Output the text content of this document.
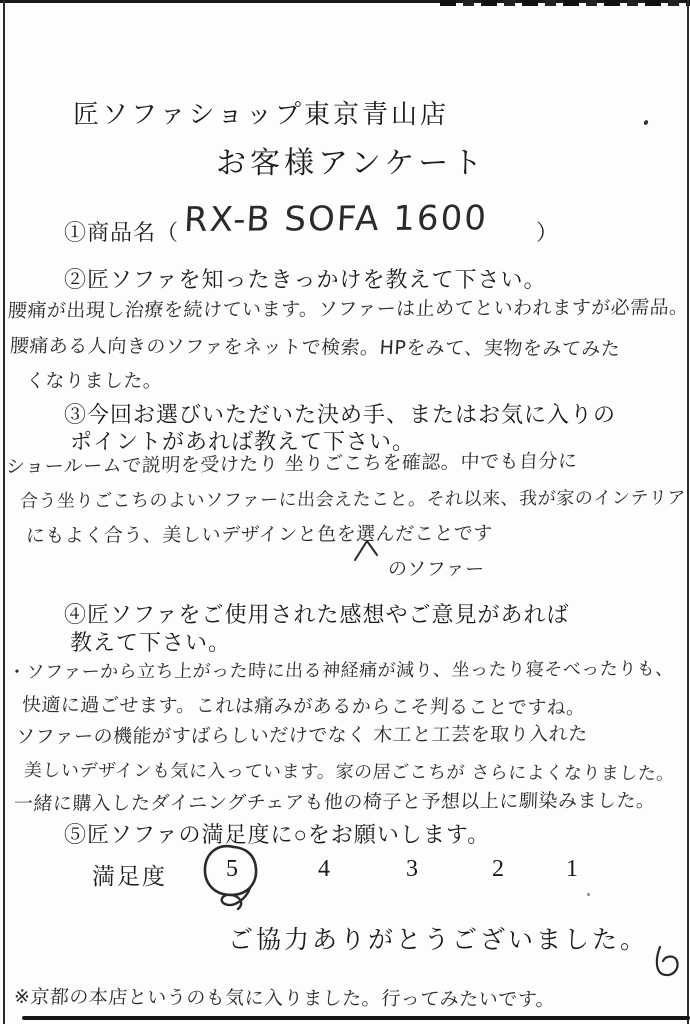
匠ソファショップ東京青山店
お客様アンケート
①商品名（ RX-B SOFA 1600 ）
②匠ソファを知ったきっかけを教えて下さい。
腰痛が出現し治療を続けています。ソファーは止めてといわれますが必需品。
腰痛ある人向きのソファをネットで検索。HPをみて、実物をみてみた
くなりました。
③今回お選びいただいた決め手、またはお気に入りの
ポイントがあれば教えて下さい。
ショールームで説明を受けたり 坐りごこちを確認。中でも自分に
合う坐りごこちのよいソファーに出会えたこと。それ以来、我が家のインテリア
にもよく合う、美しいデザインと色を選んだことです
のソファー
④匠ソファをご使用された感想やご意見があれば
教えて下さい。
・ソファーから立ち上がった時に出る神経痛が減り、坐ったり寝そべったりも、
快適に過ごせます。これは痛みがあるからこそ判ることですね。
ソファーの機能がすばらしいだけでなく 木工と工芸を取り入れた
美しいデザインも気に入っています。家の居ごこちが さらによくなりました。
一緒に購入したダイニングチェアも他の椅子と予想以上に馴染みました。
⑤匠ソファの満足度に○をお願いします。
満足度 5	4	3	2	1
ご協力ありがとうございました。
※京都の本店というのも気に入りました。行ってみたいです。
